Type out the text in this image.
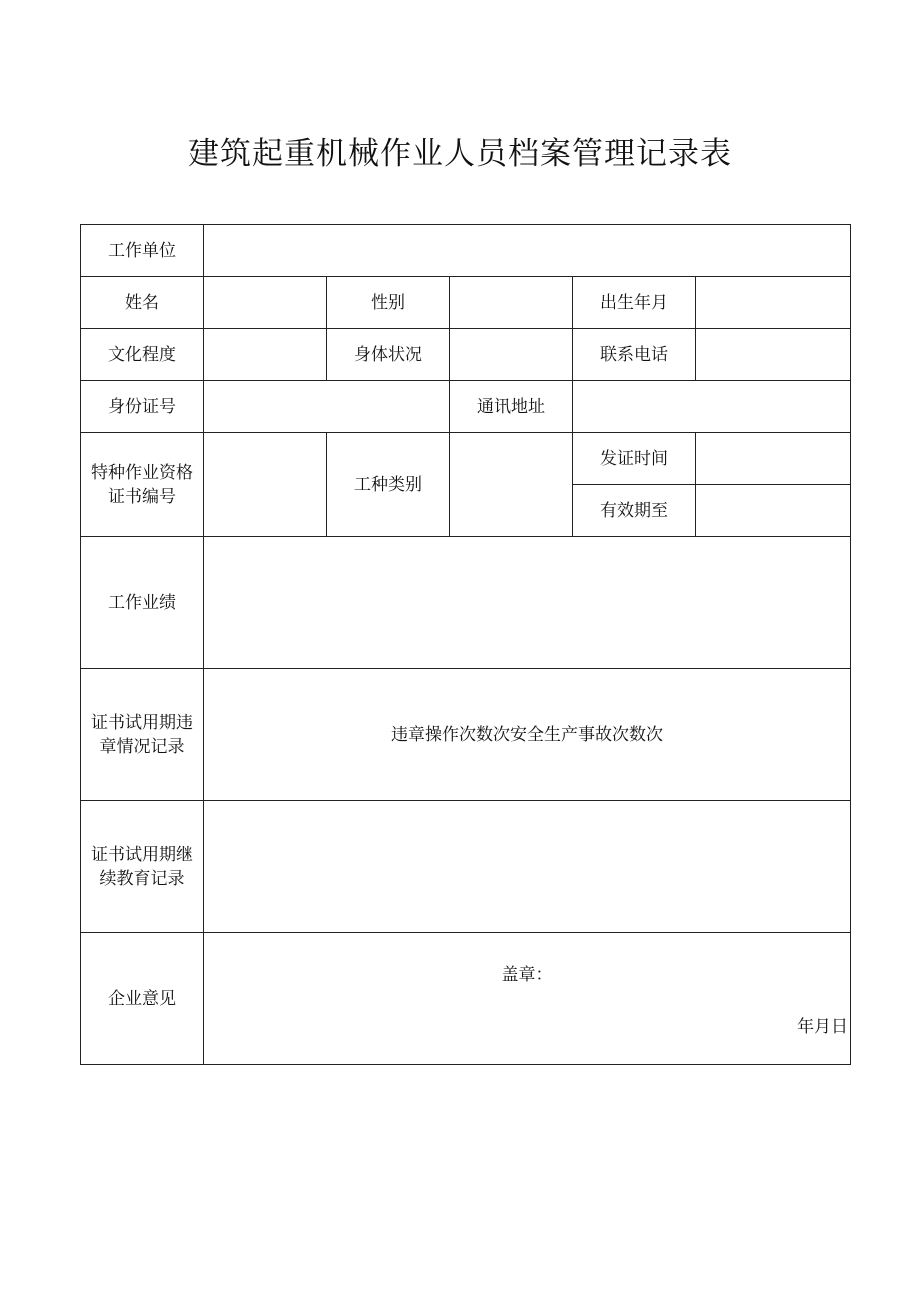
建筑起重机械作业人员档案管理记录表
工作单位					
姓名		性别		出生年月	
文化程度		身体状况		联系电话	
身份证号			通讯地址		
特种作业资格证书编号		工种类别		发证时间	
				有效期至	
工作业绩					
证书试用期违章情况记录	违章操作次数次安全生产事故次数次				

证书试用期继续教育记录					
企业意见	盖章：
年月日				
